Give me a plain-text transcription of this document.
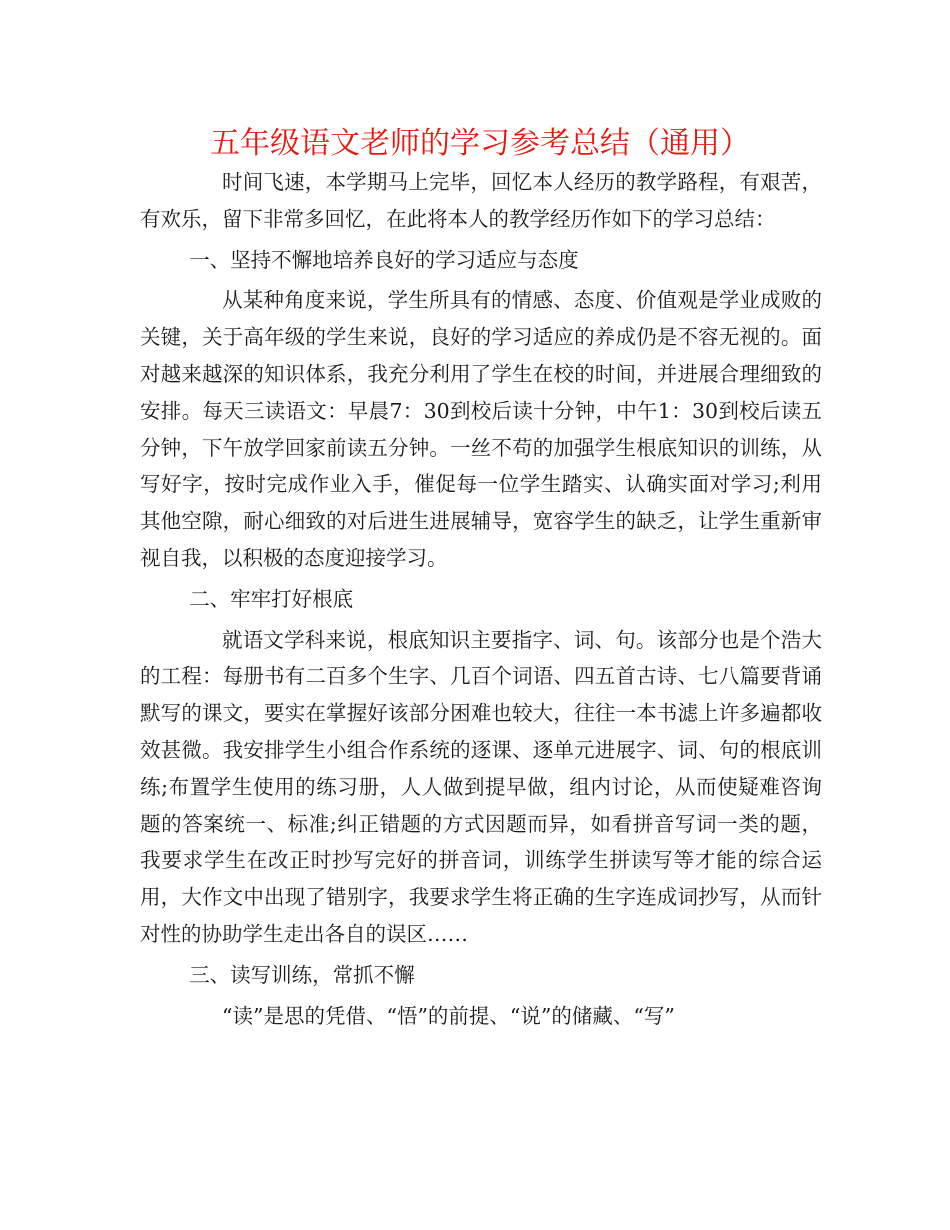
五年级语文老师的学习参考总结（通用）

时间飞速，本学期马上完毕，回忆本人经历的教学路程，有艰苦，有欢乐，留下非常多回忆，在此将本人的教学经历作如下的学习总结：

一、坚持不懈地培养良好的学习适应与态度

从某种角度来说，学生所具有的情感、态度、价值观是学业成败的关键，关于高年级的学生来说，良好的学习适应的养成仍是不容无视的。面对越来越深的知识体系，我充分利用了学生在校的时间，并进展合理细致的安排。每天三读语文：早晨7：30到校后读十分钟，中午1：30到校后读五分钟，下午放学回家前读五分钟。一丝不苟的加强学生根底知识的训练，从写好字，按时完成作业入手，催促每一位学生踏实、认确实面对学习;利用其他空隙，耐心细致的对后进生进展辅导，宽容学生的缺乏，让学生重新审视自我，以积极的态度迎接学习。

二、牢牢打好根底

就语文学科来说，根底知识主要指字、词、句。该部分也是个浩大的工程：每册书有二百多个生字、几百个词语、四五首古诗、七八篇要背诵默写的课文，要实在掌握好该部分困难也较大，往往一本书滤上许多遍都收效甚微。我安排学生小组合作系统的逐课、逐单元进展字、词、句的根底训练;布置学生使用的练习册，人人做到提早做，组内讨论，从而使疑难咨询题的答案统一、标准;纠正错题的方式因题而异，如看拼音写词一类的题，我要求学生在改正时抄写完好的拼音词，训练学生拼读写等才能的综合运用，大作文中出现了错别字，我要求学生将正确的生字连成词抄写，从而针对性的协助学生走出各自的误区……

三、读写训练，常抓不懈

“读”是思的凭借、“悟”的前提、“说”的储藏、“写”
